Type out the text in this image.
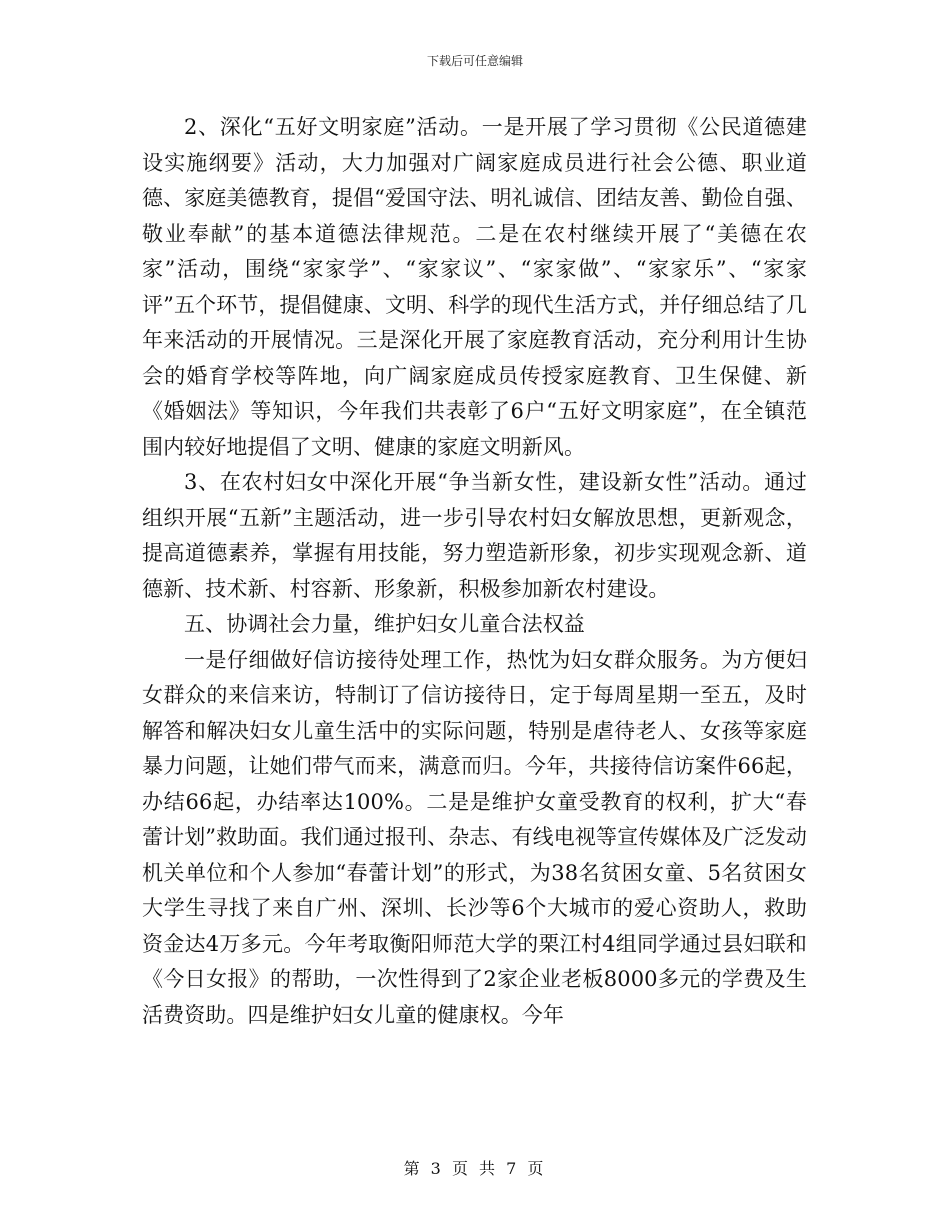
下载后可任意编辑

2、深化“五好文明家庭”活动。一是开展了学习贯彻《公民道德建设实施纲要》活动，大力加强对广阔家庭成员进行社会公德、职业道德、家庭美德教育，提倡“爱国守法、明礼诚信、团结友善、勤俭自强、敬业奉献”的基本道德法律规范。二是在农村继续开展了“美德在农家”活动，围绕“家家学”、“家家议”、“家家做”、“家家乐”、“家家评”五个环节，提倡健康、文明、科学的现代生活方式，并仔细总结了几年来活动的开展情况。三是深化开展了家庭教育活动，充分利用计生协会的婚育学校等阵地，向广阔家庭成员传授家庭教育、卫生保健、新《婚姻法》等知识，今年我们共表彰了6户“五好文明家庭”，在全镇范围内较好地提倡了文明、健康的家庭文明新风。

3、在农村妇女中深化开展“争当新女性，建设新女性”活动。通过组织开展“五新”主题活动，进一步引导农村妇女解放思想，更新观念，提高道德素养，掌握有用技能，努力塑造新形象，初步实现观念新、道德新、技术新、村容新、形象新，积极参加新农村建设。

五、协调社会力量，维护妇女儿童合法权益

一是仔细做好信访接待处理工作，热忱为妇女群众服务。为方便妇女群众的来信来访，特制订了信访接待日，定于每周星期一至五，及时解答和解决妇女儿童生活中的实际问题，特别是虐待老人、女孩等家庭暴力问题，让她们带气而来，满意而归。今年，共接待信访案件66起，办结66起，办结率达100%。二是是维护女童受教育的权利，扩大“春蕾计划”救助面。我们通过报刊、杂志、有线电视等宣传媒体及广泛发动机关单位和个人参加“春蕾计划”的形式，为38名贫困女童、5名贫困女大学生寻找了来自广州、深圳、长沙等6个大城市的爱心资助人，救助资金达4万多元。今年考取衡阳师范大学的栗江村4组同学通过县妇联和《今日女报》的帮助，一次性得到了2家企业老板8000多元的学费及生活费资助。四是维护妇女儿童的健康权。今年

第 3 页 共 7 页
